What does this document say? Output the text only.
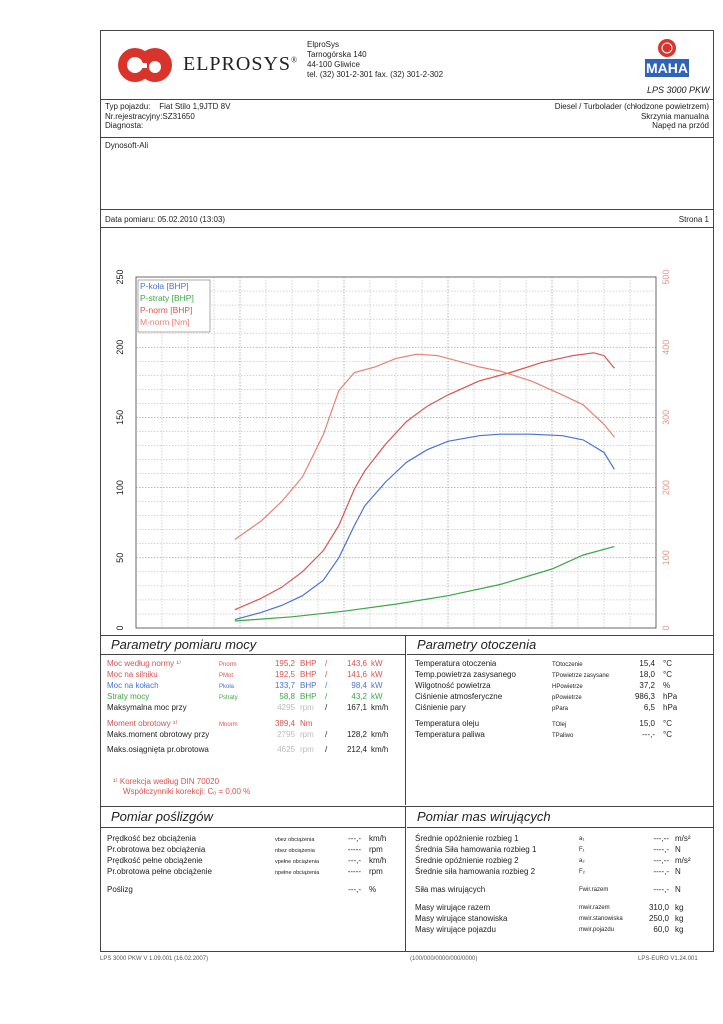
ELPROSYS®
ElproSys
Tarnogórska 140
44-100 Gliwice
tel. (32) 301-2-301 fax. (32) 301-2-302	MAHA
LPS 3000 PKW
Typ pojazdu: Fiat Stilo 1,9JTD 8V
Nr.rejestracyjny:SZ31650
Diagnosta:
Diesel / Turbolader (chłodzone powietrzem)
Skrzynia manualna
Napęd na przód
Dynosoft-Ali
Data pomiaru: 05.02.2010 (13:03)	Strona 1
0
50
100
150
200
250
0
100
200
300
400
500
P-koła [BHP]
P-straty [BHP]
P-norm [BHP]
M-norm [Nm]
Parametry pomiaru mocy
Moc według normy ¹⁾	Pnorm	195,2 BHP /	143,6 kW
Moc na silniku	PMot	192,5 BHP /	141,6 kW
Moc na kołach	Pkoła	133,7 BHP /	98,4 kW
Straty mocy	Pstraty	58,8 BHP /	43,2 kW
Maksymalna moc przy	4295 rpm /	167,1 km/h
Moment obrotowy ¹⁾	Mnorm	389,4 Nm
Maks.moment obrotowy przy	2795 rpm /	128,2 km/h
Maks.osiągnięta pr.obrotowa	4625 rpm /	212,4 km/h
¹⁾ Korekcja według DIN 70020
Współczynniki korekcji: Cₒ = 0,00 %
Parametry otoczenia
Temperatura otoczenia	TOtoczenie	15,4 °C
Temp.powietrza zasysanego	TPowietrze zasysane	18,0 °C
Wilgotność powietrza	HPowietrze	37,2 %
Ciśnienie atmosferyczne	pPowietrze	986,3 hPa
Ciśnienie pary	pPara	6,5 hPa
Temperatura oleju	TOlej	15,0 °C
Temperatura paliwa	TPaliwo	---,- °C
Pomiar poślizgów
Prędkość bez obciążenia	vbez obciążenia	---,- km/h
Pr.obrotowa bez obciążenia	nbez obciążenia	----- rpm
Prędkość pełne obciążenie	vpełne obciążenia	---,- km/h
Pr.obrotowa pełne obciążenie	npełne obciążenia	----- rpm
Poślizg	---,- %
Pomiar mas wirujących
Średnie opóźnienie rozbieg 1	a₁	---,-- m/s²
Średnia Siła hamowania rozbieg 1	F₁	----,- N
Średnie opóźnienie rozbieg 2	a₂	---,-- m/s²
Średnie siła hamowania rozbieg 2	F₂	----,- N
Siła mas wirujących	Fwir.razem	----,- N
Masy wirujące razem	mwir.razem	310,0 kg
Masy wirujące stanowiska	mwir.stanowiska	250,0 kg
Masy wirujące pojazdu	mwir.pojazdu	60,0 kg
LPS 3000 PKW V 1.09.001 (16.02.2007)	(100/000/0000/000/0000)	LPS-EURO V1.24.001
